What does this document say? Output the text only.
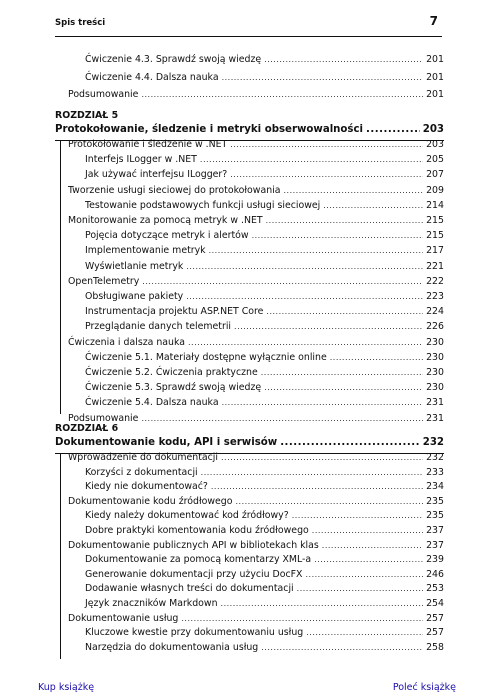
Spis treści	7
ROZDZIAŁ 5
Protokołowanie, śledzenie i metryki obserwowalności .....	203
ROZDZIAŁ 6
Dokumentowanie kodu, API i serwisów .....	232
Ćwiczenie 4.3. Sprawdź swoją wiedzę .....	201
Ćwiczenie 4.4. Dalsza nauka .....	201
Podsumowanie .....	201
Protokołowanie i śledzenie w .NET .....	203
Interfejs ILogger w .NET .....	205
Jak używać interfejsu ILogger? .....	207
Tworzenie usługi sieciowej do protokołowania .....	209
Testowanie podstawowych funkcji usługi sieciowej .....	214
Monitorowanie za pomocą metryk w .NET .....	215
Pojęcia dotyczące metryk i alertów .....	215
Implementowanie metryk .....	217
Wyświetlanie metryk .....	221
OpenTelemetry .....	222
Obsługiwane pakiety .....	223
Instrumentacja projektu ASP.NET Core .....	224
Przeglądanie danych telemetrii .....	226
Ćwiczenia i dalsza nauka .....	230
Ćwiczenie 5.1. Materiały dostępne wyłącznie online .....	230
Ćwiczenie 5.2. Ćwiczenia praktyczne .....	230
Ćwiczenie 5.3. Sprawdź swoją wiedzę .....	230
Ćwiczenie 5.4. Dalsza nauka .....	231
Podsumowanie .....	231
Wprowadzenie do dokumentacji .....	232
Korzyści z dokumentacji .....	233
Kiedy nie dokumentować? .....	234
Dokumentowanie kodu źródłowego .....	235
Kiedy należy dokumentować kod źródłowy? .....	235
Dobre praktyki komentowania kodu źródłowego .....	237
Dokumentowanie publicznych API w bibliotekach klas .....	237
Dokumentowanie za pomocą komentarzy XML-a .....	239
Generowanie dokumentacji przy użyciu DocFX .....	246
Dodawanie własnych treści do dokumentacji .....	253
Język znaczników Markdown .....	254
Dokumentowanie usług .....	257
Kluczowe kwestie przy dokumentowaniu usług .....	257
Narzędzia do dokumentowania usług .....	258
Kup książkę	Poleć książkę
